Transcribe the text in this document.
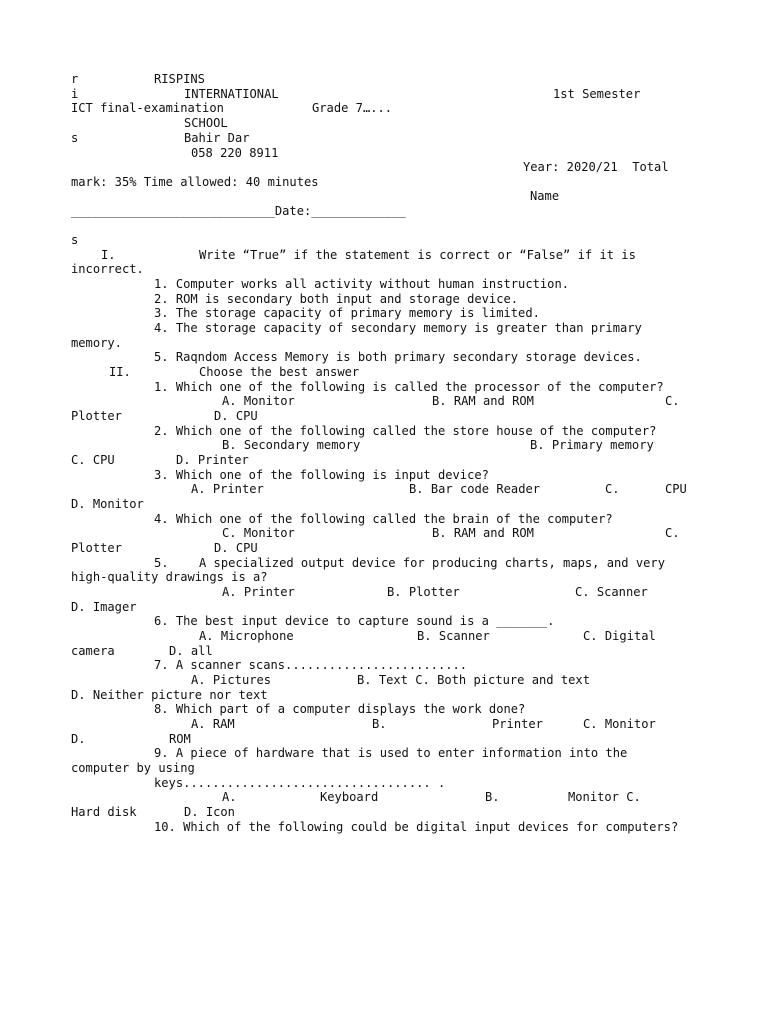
r	RISPINS
i	INTERNATIONAL	1st Semester
ICT final-examination	Grade 7…...
SCHOOL
s	Bahir Dar
058 220 8911
Year: 2020/21  Total
mark: 35% Time allowed: 40 minutes
Name
____________________________Date:_____________
s
I.	Write “True” if the statement is correct or “False” if it is
incorrect.
1. Computer works all activity without human instruction.
2. ROM is secondary both input and storage device.
3. The storage capacity of primary memory is limited.
4. The storage capacity of secondary memory is greater than primary
memory.
5. Raqndom Access Memory is both primary secondary storage devices.
II.	Choose the best answer
1. Which one of the following is called the processor of the computer?
A. Monitor	B. RAM and ROM	C.
Plotter	D. CPU
2. Which one of the following called the store house of the computer?
B. Secondary memory	B. Primary memory
C. CPU	D. Printer
3. Which one of the following is input device?
A. Printer	B. Bar code Reader	C.	CPU
D. Monitor
4. Which one of the following called the brain of the computer?
C. Monitor	B. RAM and ROM	C.
Plotter	D. CPU
5.	A specialized output device for producing charts, maps, and very
high-quality drawings is a?
A. Printer	B. Plotter	C. Scanner
D. Imager
6. The best input device to capture sound is a _______.
A. Microphone	B. Scanner	C. Digital
camera	D. all
7. A scanner scans.........................
A. Pictures	B. Text C. Both picture and text
D. Neither picture nor text
8. Which part of a computer displays the work done?
A. RAM	B.	Printer	C. Monitor
D.	ROM
9. A piece of hardware that is used to enter information into the
computer by using
keys.................................. .
A.	Keyboard	B.	Monitor C.
Hard disk	D. Icon
10. Which of the following could be digital input devices for computers?
